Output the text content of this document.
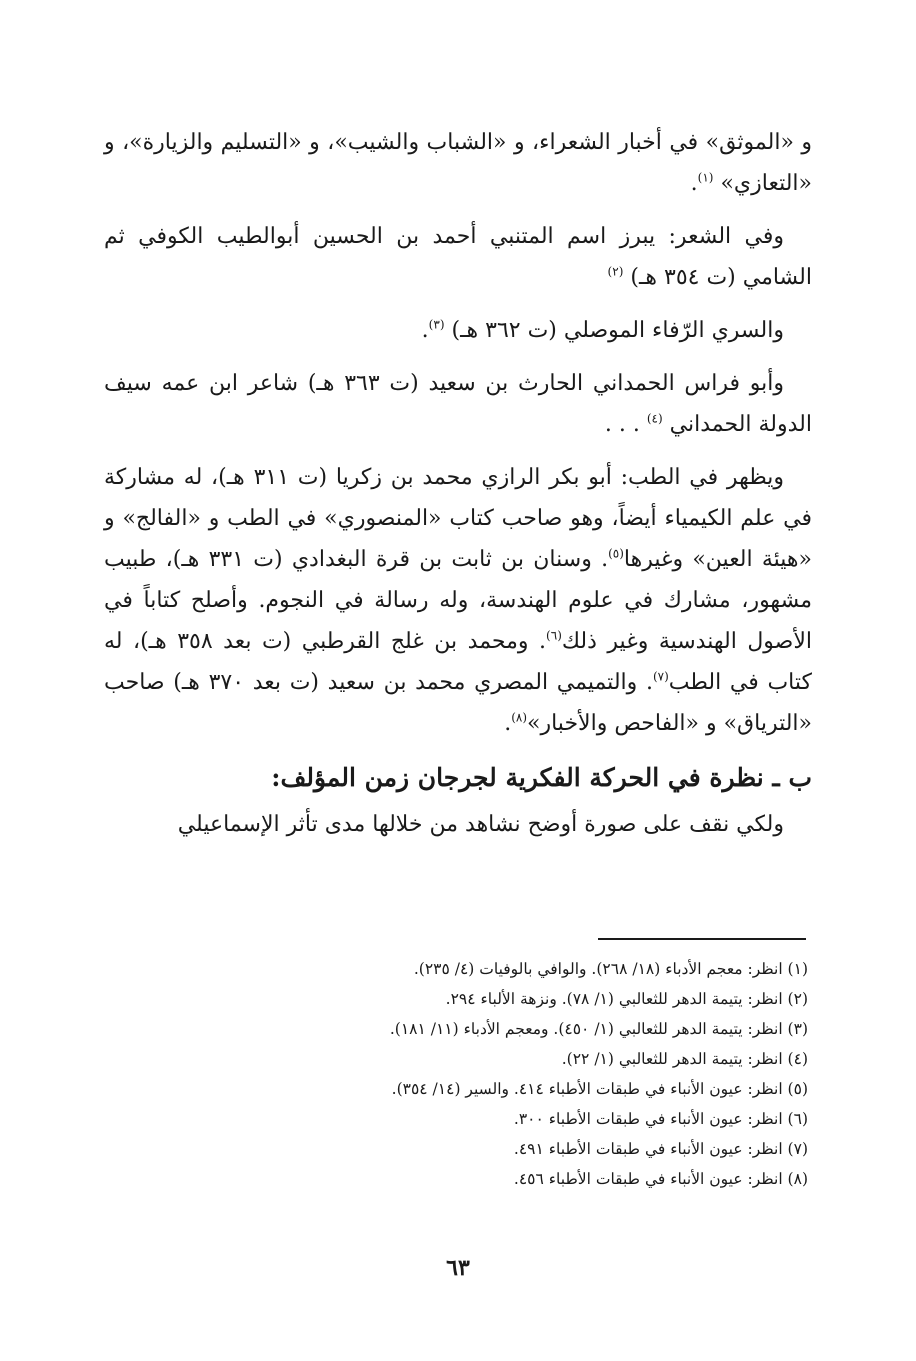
و «الموثق» في أخبار الشعراء، و «الشباب والشيب»، و «التسليم والزيارة»، و «التعازي» $^{(١)}$.

وفي الشعر: يبرز اسم المتنبي أحمد بن الحسين أبوالطيب الكوفي ثم الشامي (ت ٣٥٤ هـ) $^{(٢)}$

والسري الرّفاء الموصلي (ت ٣٦٢ هـ) $^{(٣)}$.

وأبو فراس الحمداني الحارث بن سعيد (ت ٣٦٣ هـ) شاعر ابن عمه سيف الدولة الحمداني $^{(٤)}$ . . .

ويظهر في الطب: أبو بكر الرازي محمد بن زكريا (ت ٣١١ هـ)، له مشاركة في علم الكيمياء أيضاً، وهو صاحب كتاب «المنصوري» في الطب و «الفالج» و «هيئة العين» وغيرها$^{(٥)}$. وسنان بن ثابت بن قرة البغدادي (ت ٣٣١ هـ)، طبيب مشهور، مشارك في علوم الهندسة، وله رسالة في النجوم. وأصلح كتاباً في الأصول الهندسية وغير ذلك$^{(٦)}$. ومحمد بن غلج القرطبي (ت بعد ٣٥٨ هـ)، له كتاب في الطب$^{(٧)}$. والتميمي المصري محمد بن سعيد (ت بعد ٣٧٠ هـ) صاحب «الترياق» و «الفاحص والأخبار»$^{(٨)}$.

ب ـ نظرة في الحركة الفكرية لجرجان زمن المؤلف:

ولكي نقف على صورة أوضح نشاهد من خلالها مدى تأثر الإسماعيلي

(١) انظر: معجم الأدباء (١٨/ ٢٦٨). والوافي بالوفيات (٤/ ٢٣٥).

(٢) انظر: يتيمة الدهر للثعالبي (١/ ٧٨). ونزهة الألباء ٢٩٤.

(٣) انظر: يتيمة الدهر للثعالبي (١/ ٤٥٠). ومعجم الأدباء (١١/ ١٨١).

(٤) انظر: يتيمة الدهر للثعالبي (١/ ٢٢).

(٥) انظر: عيون الأنباء في طبقات الأطباء ٤١٤. والسير (١٤/ ٣٥٤).

(٦) انظر: عيون الأنباء في طبقات الأطباء ٣٠٠.

(٧) انظر: عيون الأنباء في طبقات الأطباء ٤٩١.

(٨) انظر: عيون الأنباء في طبقات الأطباء ٤٥٦.

٦٣
